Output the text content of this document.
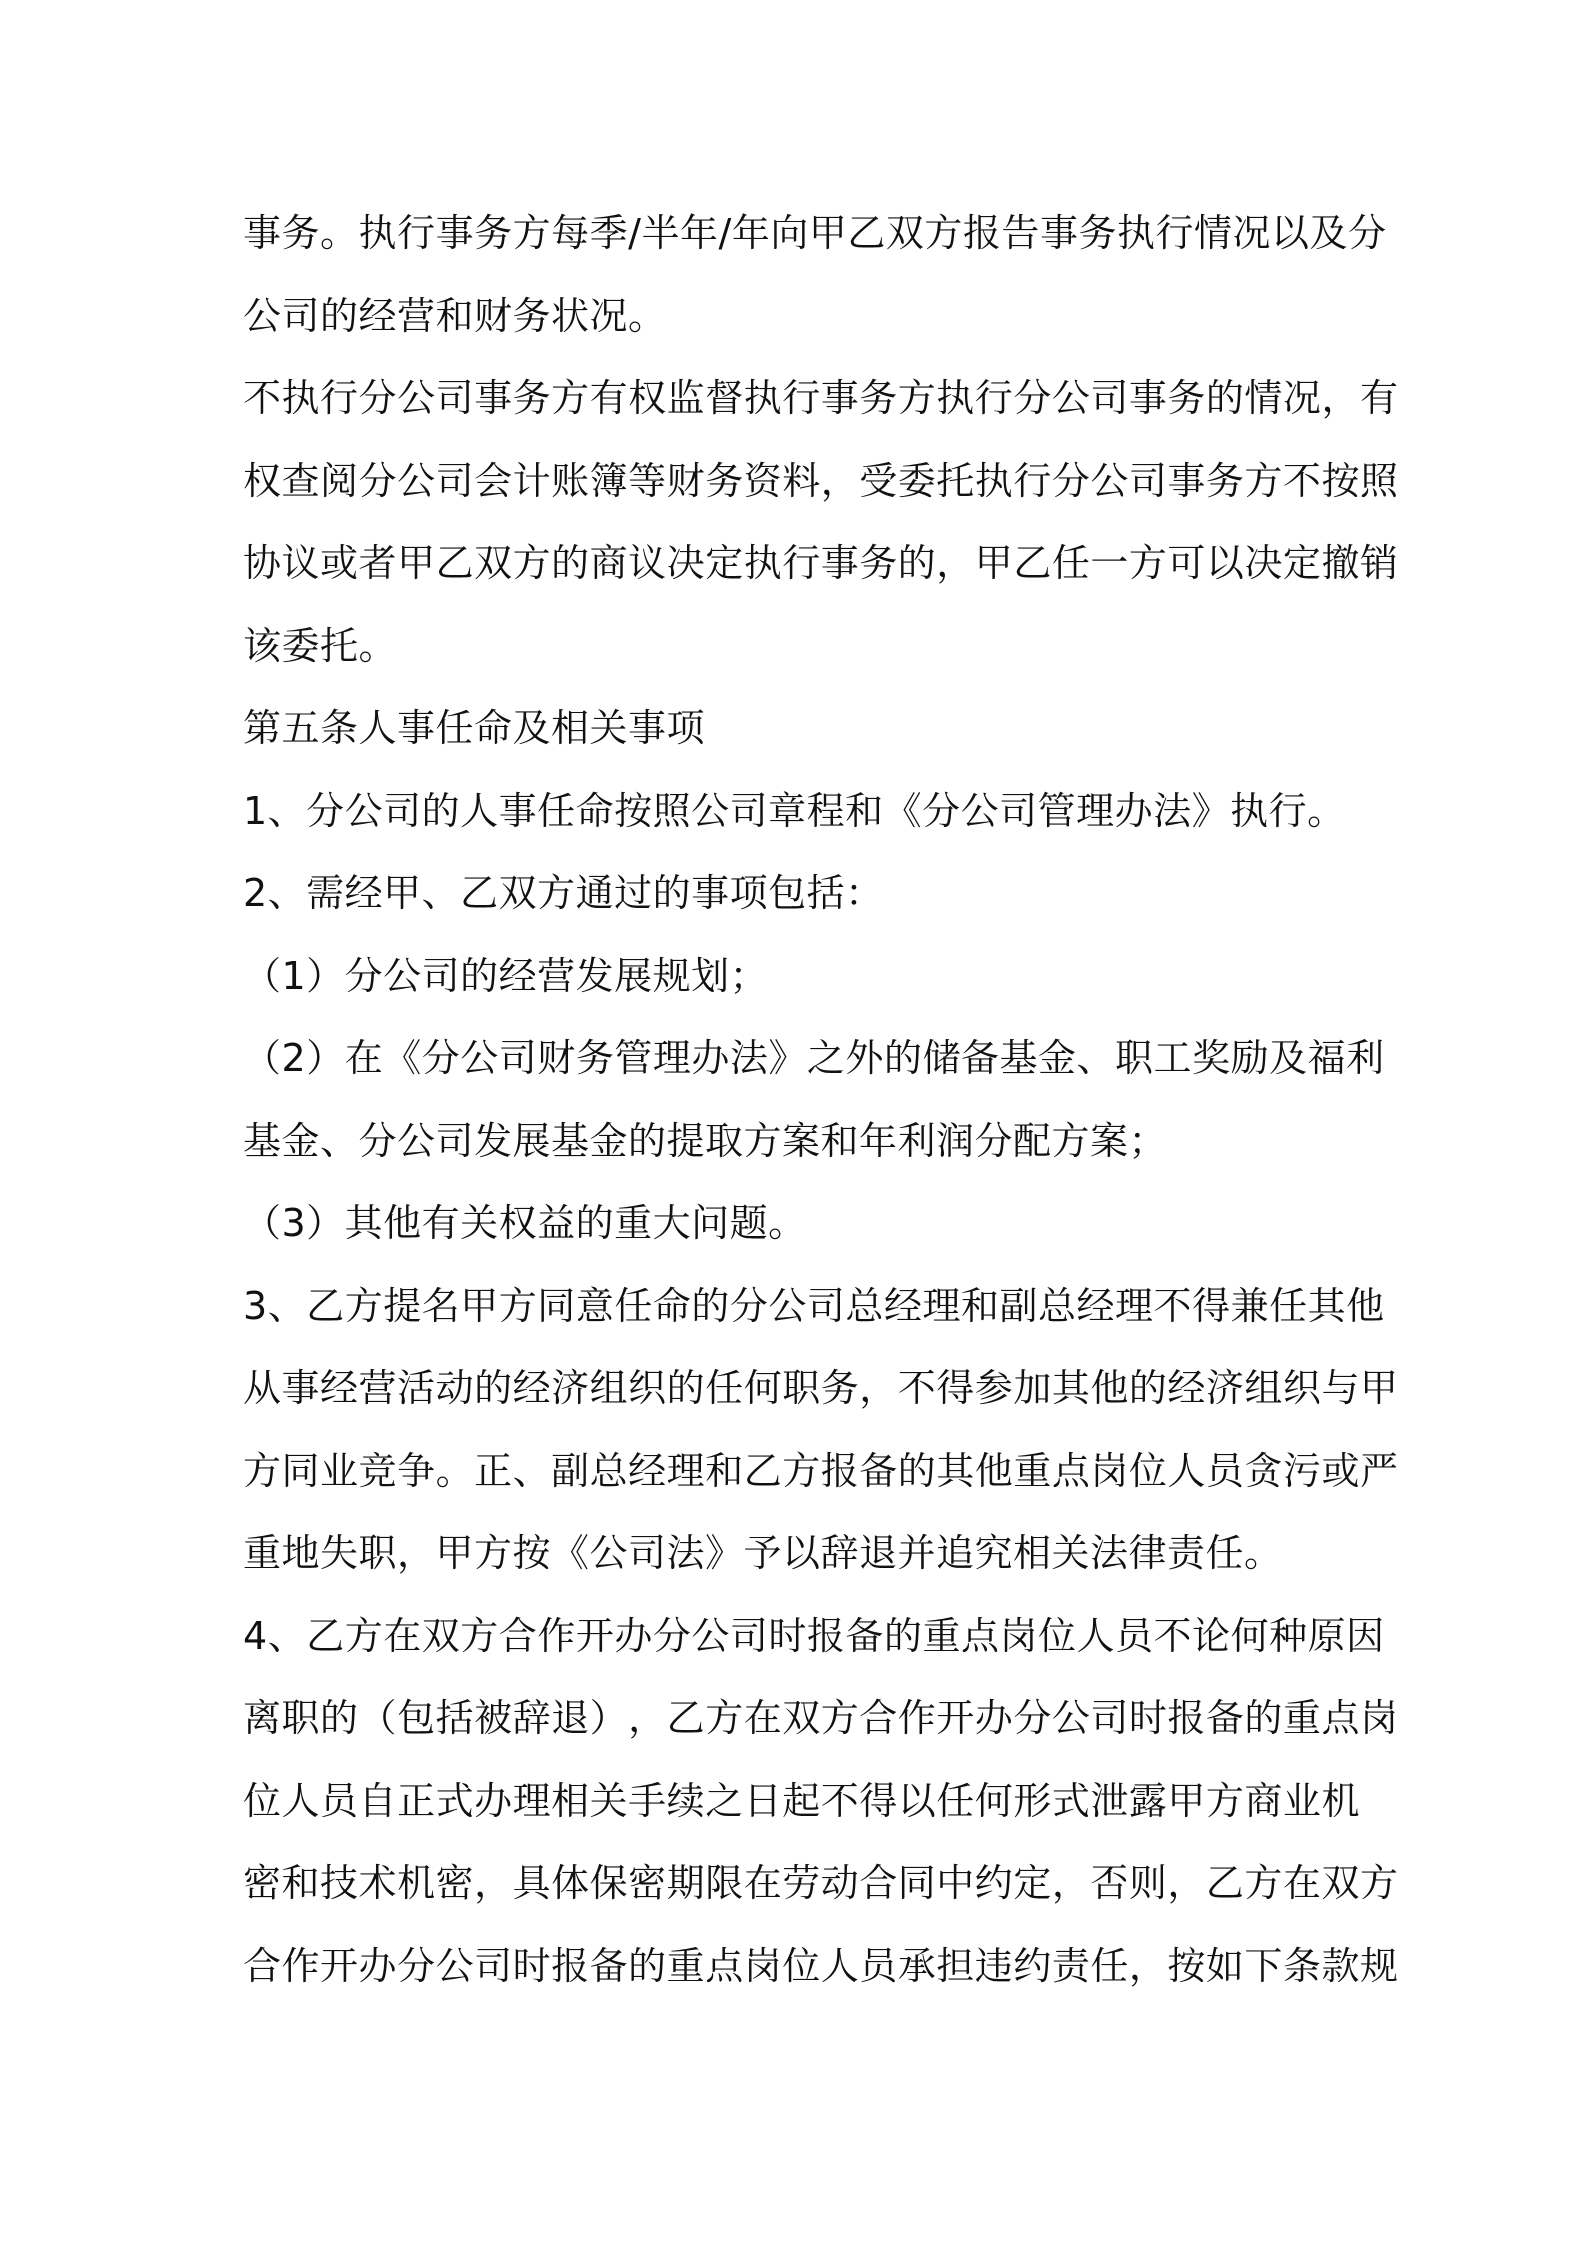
事 务 。 执 行 事 务 方 每 季 / 半 年 / 年 向 甲 乙 双 方 报 告 事 务 执 行 情 况 以 及 分
公司的经营和财务状况。
不 执 行 分 公 司 事 务 方 有 权 监 督 执 行 事 务 方 执 行 分 公 司 事 务 的 情 况 ， 有
权 查 阅 分 公 司 会 计 账 簿 等 财 务 资 料 ， 受 委 托 执 行 分 公 司 事 务 方 不 按 照
协 议 或 者 甲 乙 双 方 的 商 议 决 定 执 行 事 务 的 ， 甲 乙 任 一 方 可 以 决 定 撤 销
该委托。
第五条人事任命及相关事项
1、分公司的人事任命按照公司章程和《分公司管理办法》执行。
2、需经甲、乙双方通过的事项包括：
（1）分公司的经营发展规划；
（ 2 ） 在 《 分 公 司 财 务 管 理 办 法 》 之 外 的 储 备 基 金 、 职 工 奖 励 及 福 利
基金、分公司发展基金的提取方案和年利润分配方案；
（3）其他有关权益的重大问题。
3 、 乙 方 提 名 甲 方 同 意 任 命 的 分 公 司 总 经 理 和 副 总 经 理 不 得 兼 任 其 他
从 事 经 营 活 动 的 经 济 组 织 的 任 何 职 务 ， 不 得 参 加 其 他 的 经 济 组 织 与 甲
方 同 业 竞 争 。 正 、 副 总 经 理 和 乙 方 报 备 的 其 他 重 点 岗 位 人 员 贪 污 或 严
重地失职，甲方按《公司法》予以辞退并追究相关法律责任。
4 、 乙 方 在 双 方 合 作 开 办 分 公 司 时 报 备 的 重 点 岗 位 人 员 不 论 何 种 原 因
离 职 的 （ 包 括 被 辞 退 ） ， 乙 方 在 双 方 合 作 开 办 分 公 司 时 报 备 的 重 点 岗
位 人 员 自 正 式 办 理 相 关 手 续 之 日 起 不 得 以 任 何 形 式 泄 露 甲 方 商 业 机
密 和 技 术 机 密 ， 具 体 保 密 期 限 在 劳 动 合 同 中 约 定 ， 否 则 ， 乙 方 在 双 方
合 作 开 办 分 公 司 时 报 备 的 重 点 岗 位 人 员 承 担 违 约 责 任 ， 按 如 下 条 款 规
